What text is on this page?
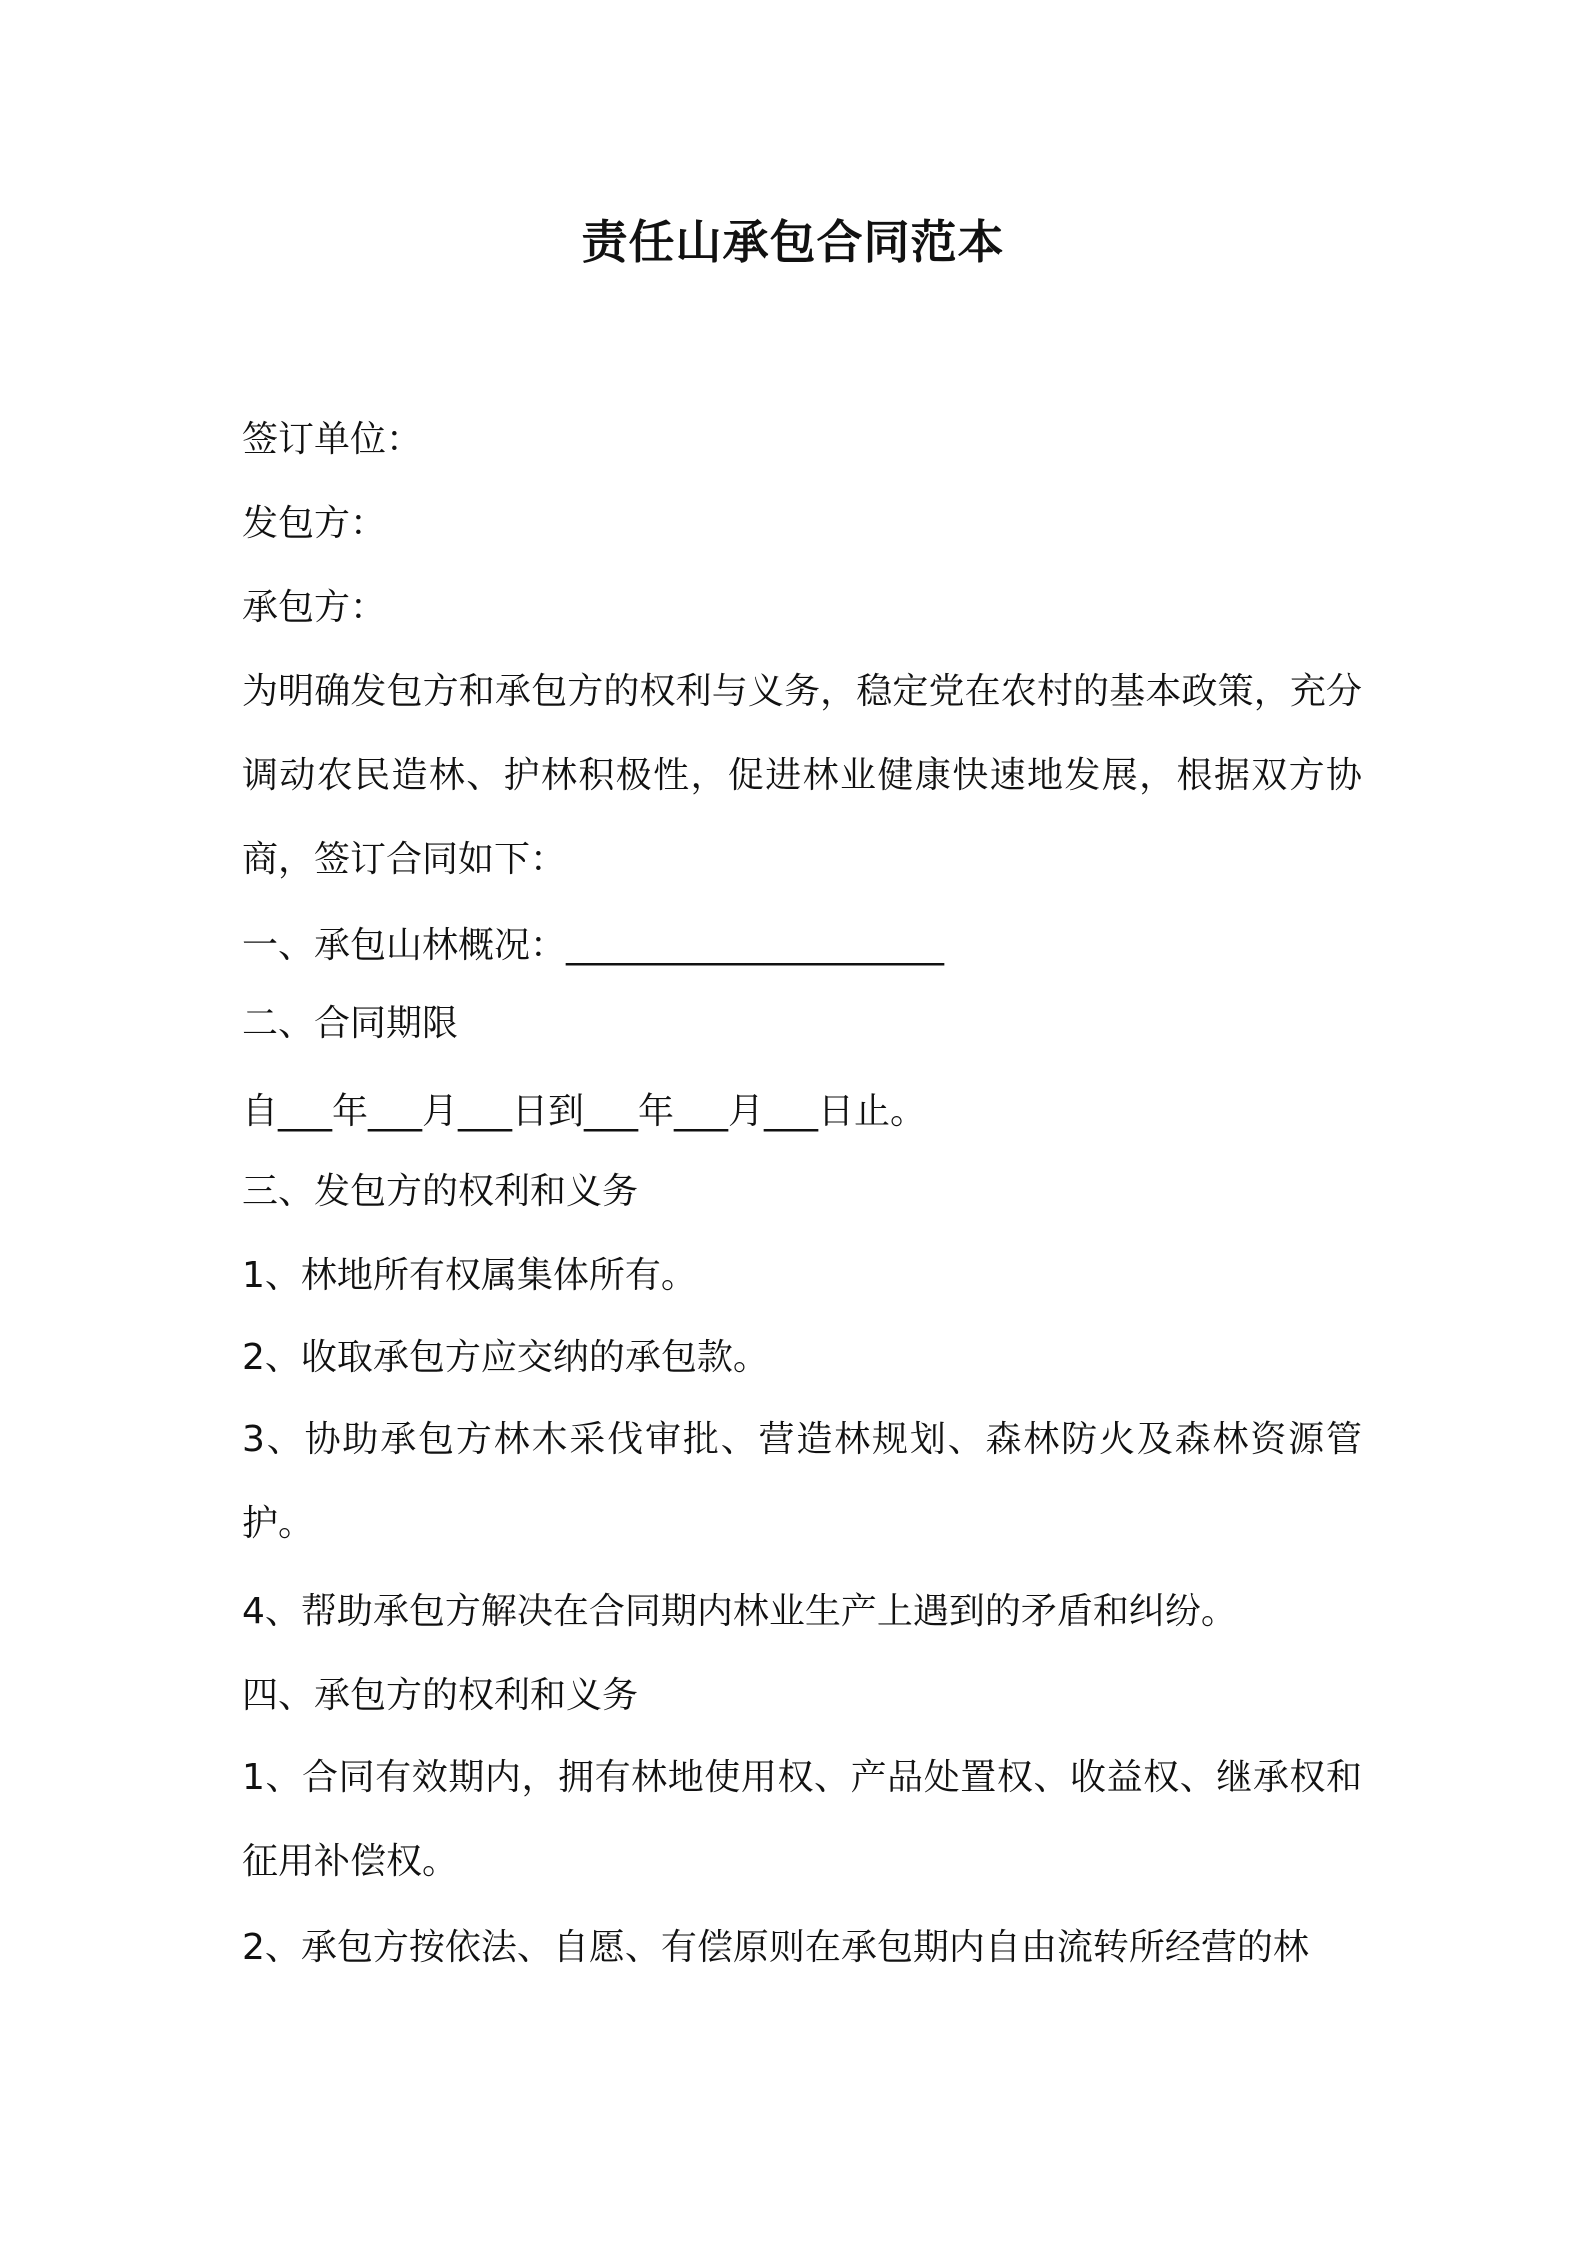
责任山承包合同范本
签订单位：
发包方：
承包方：
为明确发包方和承包方的权利与义务，稳定党在农村的基本政策，充分调动农民造林、护林积极性，促进林业健康快速地发展，根据双方协商，签订合同如下：
一、承包山林概况：_____________________
二、合同期限
自___年___月___日到___年___月___日止。
三、发包方的权利和义务
1、林地所有权属集体所有。
2、收取承包方应交纳的承包款。
3、协助承包方林木采伐审批、营造林规划、森林防火及森林资源管护。
4、帮助承包方解决在合同期内林业生产上遇到的矛盾和纠纷。
四、承包方的权利和义务
1、合同有效期内，拥有林地使用权、产品处置权、收益权、继承权和征用补偿权。
2、承包方按依法、自愿、有偿原则在承包期内自由流转所经营的林
